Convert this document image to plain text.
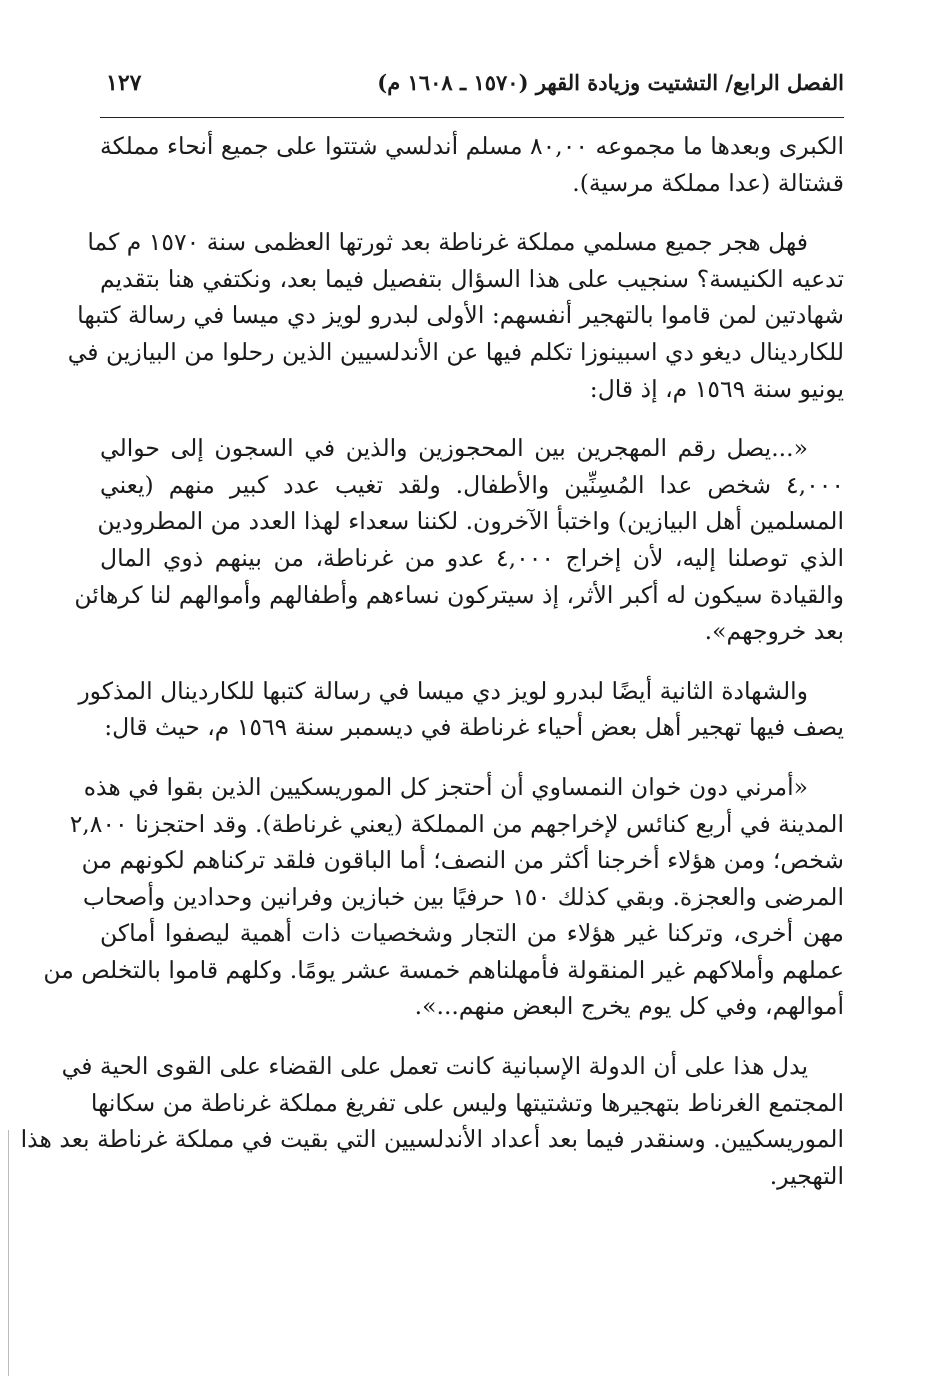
الفصل الرابع/ التشتيت وزيادة القهر (١٥٧٠ ـ ١٦٠٨ م)
١٢٧
الكبرى وبعدها ما مجموعه ٨٠,٠٠ مسلم أندلسي شتتوا على جميع أنحاء مملكة
قشتالة (عدا مملكة مرسية).
فهل هجر جميع مسلمي مملكة غرناطة بعد ثورتها العظمى سنة ١٥٧٠ م كما
تدعيه الكنيسة؟ سنجيب على هذا السؤال بتفصيل فيما بعد، ونكتفي هنا بتقديم
شهادتين لمن قاموا بالتهجير أنفسهم: الأولى لبدرو لويز دي ميسا في رسالة كتبها
للكاردينال ديغو دي اسبينوزا تكلم فيها عن الأندلسيين الذين رحلوا من البيازين في
يونيو سنة ١٥٦٩ م، إذ قال:
«...يصل رقم المهجرين بين المحجوزين والذين في السجون إلى حوالي
٤,٠٠٠ شخص عدا المُسِنِّين والأطفال. ولقد تغيب عدد كبير منهم (يعني
المسلمين أهل البيازين) واختبأ الآخرون. لكننا سعداء لهذا العدد من المطرودين
الذي توصلنا إليه، لأن إخراج ٤,٠٠٠ عدو من غرناطة، من بينهم ذوي المال
والقيادة سيكون له أكبر الأثر، إذ سيتركون نساءهم وأطفالهم وأموالهم لنا كرهائن
بعد خروجهم».
والشهادة الثانية أيضًا لبدرو لويز دي ميسا في رسالة كتبها للكاردينال المذكور
يصف فيها تهجير أهل بعض أحياء غرناطة في ديسمبر سنة ١٥٦٩ م، حيث قال:
«أمرني دون خوان النمساوي أن أحتجز كل الموريسكيين الذين بقوا في هذه
المدينة في أربع كنائس لإخراجهم من المملكة (يعني غرناطة). وقد احتجزنا ٢,٨٠٠
شخص؛ ومن هؤلاء أخرجنا أكثر من النصف؛ أما الباقون فلقد تركناهم لكونهم من
المرضى والعجزة. وبقي كذلك ١٥٠ حرفيًا بين خبازين وفرانين وحدادين وأصحاب
مهن أخرى، وتركنا غير هؤلاء من التجار وشخصيات ذات أهمية ليصفوا أماكن
عملهم وأملاكهم غير المنقولة فأمهلناهم خمسة عشر يومًا. وكلهم قاموا بالتخلص من
أموالهم، وفي كل يوم يخرج البعض منهم...».
يدل هذا على أن الدولة الإسبانية كانت تعمل على القضاء على القوى الحية في
المجتمع الغرناط بتهجيرها وتشتيتها وليس على تفريغ مملكة غرناطة من سكانها
الموريسكيين. وسنقدر فيما بعد أعداد الأندلسيين التي بقيت في مملكة غرناطة بعد هذا
التهجير.
